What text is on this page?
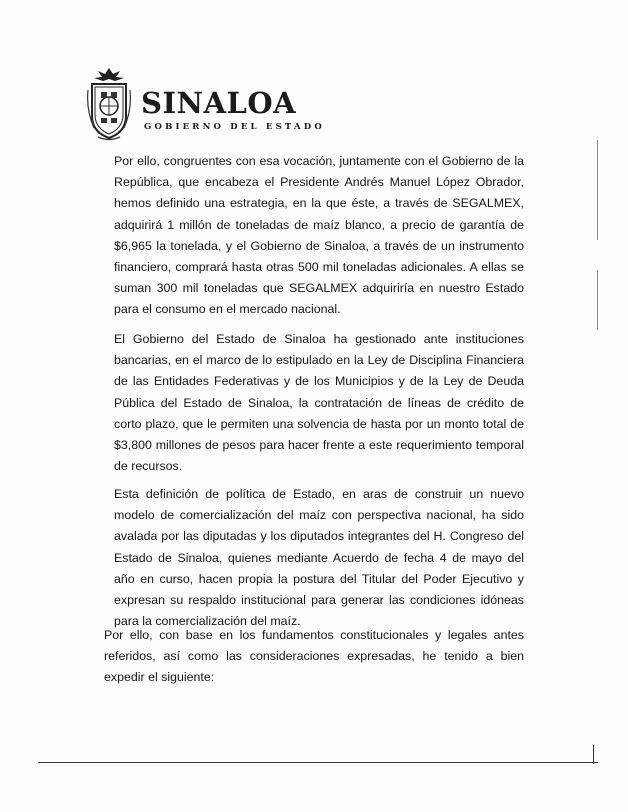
SINALOA
GOBIERNO DEL ESTADO

Por ello, congruentes con esa vocación, juntamente con el Gobierno de la República, que encabeza el Presidente Andrés Manuel López Obrador, hemos definido una estrategia, en la que éste, a través de SEGALMEX, adquirirá 1 millón de toneladas de maíz blanco, a precio de garantía de $6,965 la tonelada, y el Gobierno de Sinaloa, a través de un instrumento financiero, comprará hasta otras 500 mil toneladas adicionales. A ellas se suman 300 mil toneladas que SEGALMEX adquiriría en nuestro Estado para el consumo en el mercado nacional.

El Gobierno del Estado de Sinaloa ha gestionado ante instituciones bancarias, en el marco de lo estipulado en la Ley de Disciplina Financiera de las Entidades Federativas y de los Municipios y de la Ley de Deuda Pública del Estado de Sinaloa, la contratación de líneas de crédito de corto plazo, que le permiten una solvencia de hasta por un monto total de $3,800 millones de pesos para hacer frente a este requerimiento temporal de recursos.

Esta definición de política de Estado, en aras de construir un nuevo modelo de comercialización del maíz con perspectiva nacional, ha sido avalada por las diputadas y los diputados integrantes del H. Congreso del Estado de Sinaloa, quienes mediante Acuerdo de fecha 4 de mayo del año en curso, hacen propia la postura del Titular del Poder Ejecutivo y expresan su respaldo institucional para generar las condiciones idóneas para la comercialización del maíz.

Por ello, con base en los fundamentos constitucionales y legales antes referidos, así como las consideraciones expresadas, he tenido a bien expedir el siguiente:
